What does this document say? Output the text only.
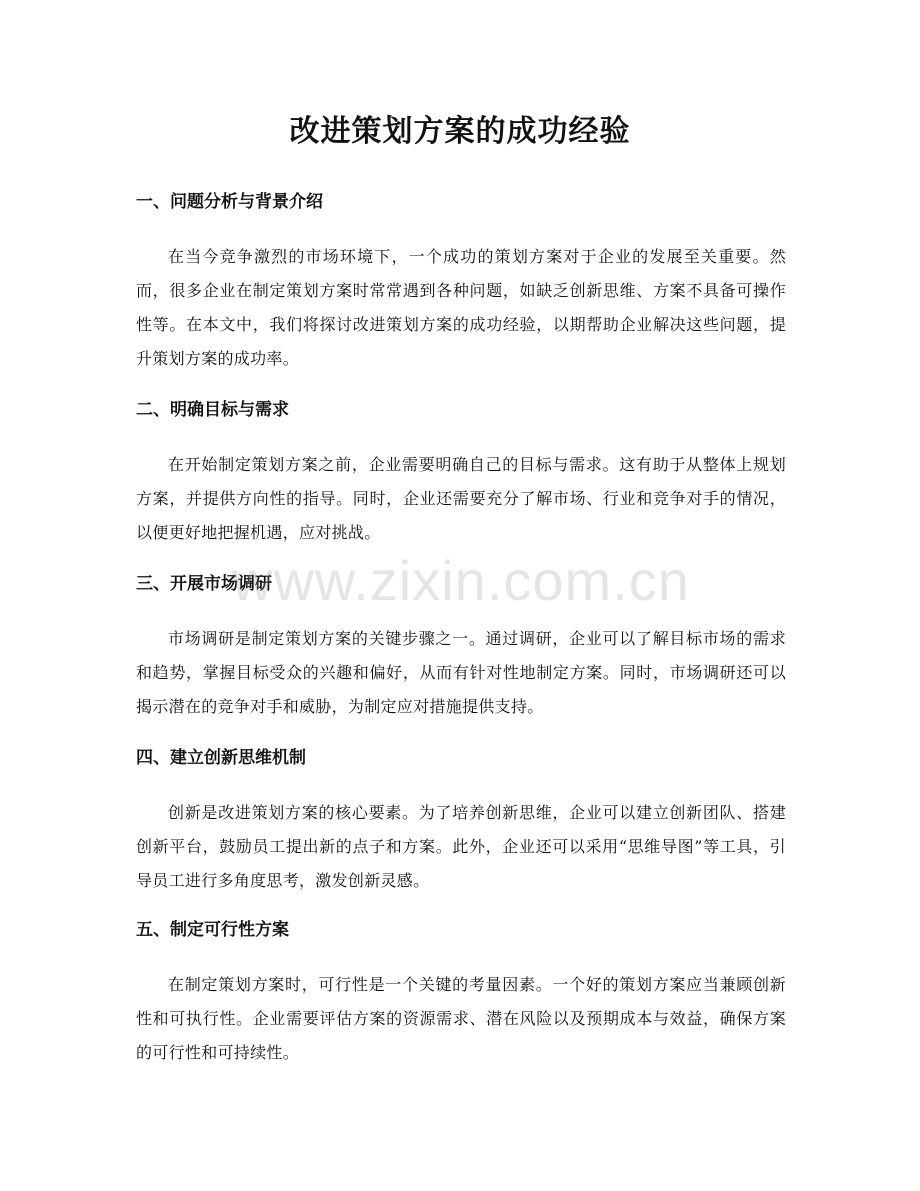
改进策划方案的成功经验
一、问题分析与背景介绍

在当今竞争激烈的市场环境下，一个成功的策划方案对于企业的发展至关重要。然而，很多企业在制定策划方案时常常遇到各种问题，如缺乏创新思维、方案不具备可操作性等。在本文中，我们将探讨改进策划方案的成功经验，以期帮助企业解决这些问题，提升策划方案的成功率。

二、明确目标与需求

在开始制定策划方案之前，企业需要明确自己的目标与需求。这有助于从整体上规划方案，并提供方向性的指导。同时，企业还需要充分了解市场、行业和竞争对手的情况，以便更好地把握机遇，应对挑战。

三、开展市场调研

市场调研是制定策划方案的关键步骤之一。通过调研，企业可以了解目标市场的需求和趋势，掌握目标受众的兴趣和偏好，从而有针对性地制定方案。同时，市场调研还可以揭示潜在的竞争对手和威胁，为制定应对措施提供支持。

四、建立创新思维机制

创新是改进策划方案的核心要素。为了培养创新思维，企业可以建立创新团队、搭建创新平台，鼓励员工提出新的点子和方案。此外，企业还可以采用“思维导图”等工具，引导员工进行多角度思考，激发创新灵感。

五、制定可行性方案

在制定策划方案时，可行性是一个关键的考量因素。一个好的策划方案应当兼顾创新性和可执行性。企业需要评估方案的资源需求、潜在风险以及预期成本与效益，确保方案的可行性和可持续性。

www.zixin.com.cn
